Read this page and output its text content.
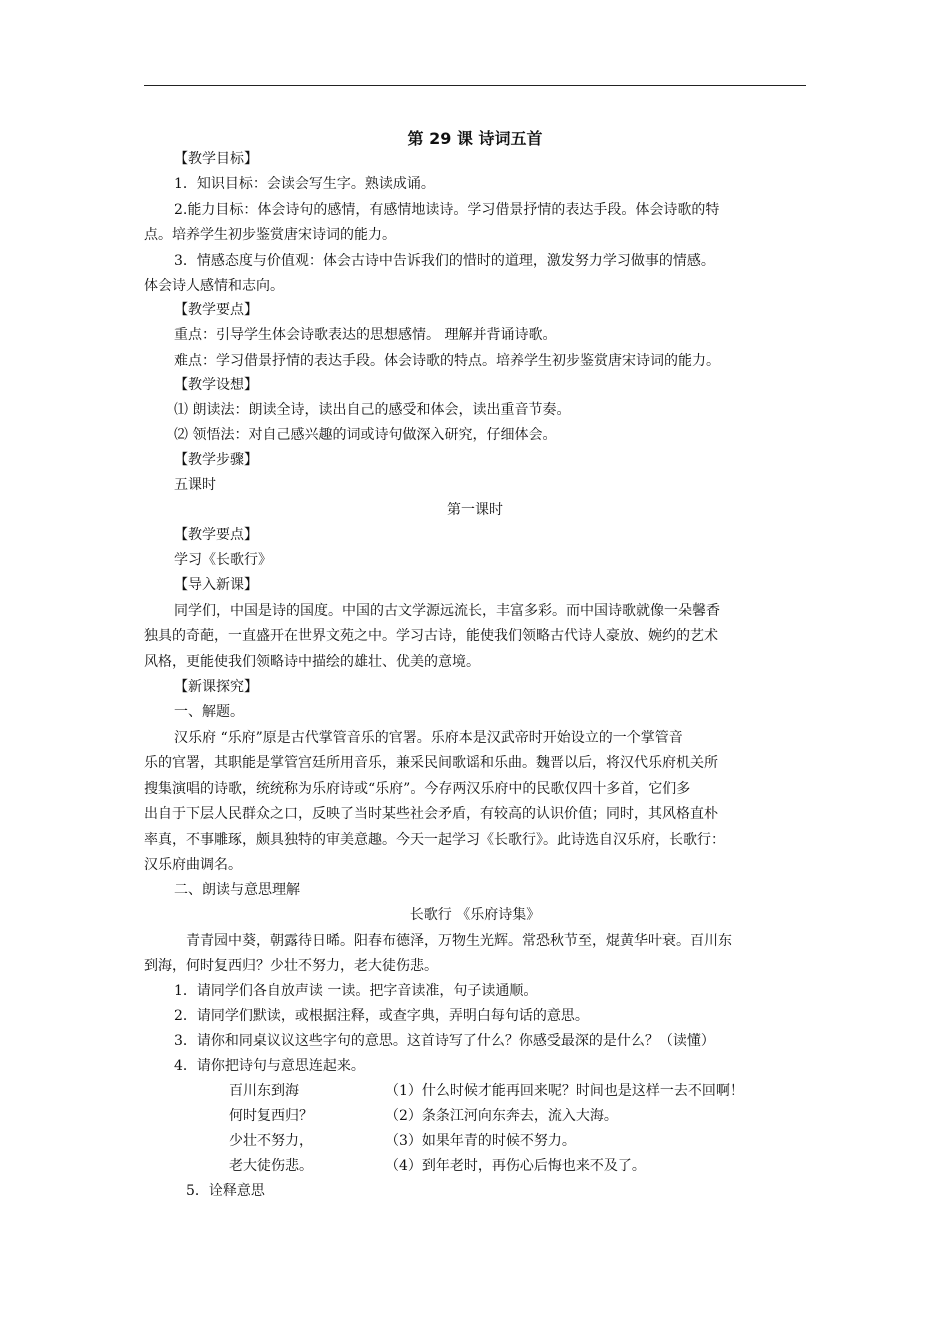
第 29 课 诗词五首
【教学目标】
1．知识目标：会读会写生字。熟读成诵。
2.能力目标：体会诗句的感情，有感情地读诗。学习借景抒情的表达手段。体会诗歌的特
点。培养学生初步鉴赏唐宋诗词的能力。
3．情感态度与价值观：体会古诗中告诉我们的惜时的道理，激发努力学习做事的情感。
体会诗人感情和志向。
【教学要点】
重点：引导学生体会诗歌表达的思想感情。 理解并背诵诗歌。
难点：学习借景抒情的表达手段。体会诗歌的特点。培养学生初步鉴赏唐宋诗词的能力。
【教学设想】
⑴ 朗读法：朗读全诗，读出自己的感受和体会，读出重音节奏。
⑵ 领悟法：对自己感兴趣的词或诗句做深入研究，仔细体会。
【教学步骤】
五课时
第一课时
【教学要点】
学习《长歌行》
【导入新课】
同学们，中国是诗的国度。中国的古文学源远流长，丰富多彩。而中国诗歌就像一朵馨香
独具的奇葩，一直盛开在世界文苑之中。学习古诗，能使我们领略古代诗人豪放、婉约的艺术
风格，更能使我们领略诗中描绘的雄壮、优美的意境。
【新课探究】
一、解题。
汉乐府 “乐府”原是古代掌管音乐的官署。乐府本是汉武帝时开始设立的一个掌管音
乐的官署，其职能是掌管宫廷所用音乐，兼采民间歌谣和乐曲。魏晋以后，将汉代乐府机关所
搜集演唱的诗歌，统统称为乐府诗或“乐府”。今存两汉乐府中的民歌仅四十多首，它们多
出自于下层人民群众之口，反映了当时某些社会矛盾，有较高的认识价值；同时，其风格直朴
率真，不事雕琢，颇具独特的审美意趣。今天一起学习《长歌行》。此诗选自汉乐府，长歌行：
汉乐府曲调名。
二、朗读与意思理解
长歌行 《乐府诗集》
青青园中葵，朝露待日晞。阳春布德泽，万物生光辉。常恐秋节至，焜黄华叶衰。百川东
到海，何时复西归？少壮不努力，老大徒伤悲。
1．请同学们各自放声读 一读。把字音读准，句子读通顺。
2．请同学们默读，或根据注释，或查字典，弄明白每句话的意思。
3．请你和同桌议议这些字句的意思。这首诗写了什么？你感受最深的是什么？（读懂）
4．请你把诗句与意思连起来。
百川东到海	（1）什么时候才能再回来呢？时间也是这样一去不回啊！
何时复西归？	（2）条条江河向东奔去，流入大海。
少壮不努力，	（3）如果年青的时候不努力。
老大徒伤悲。	（4）到年老时，再伤心后悔也来不及了。
5．诠释意思
